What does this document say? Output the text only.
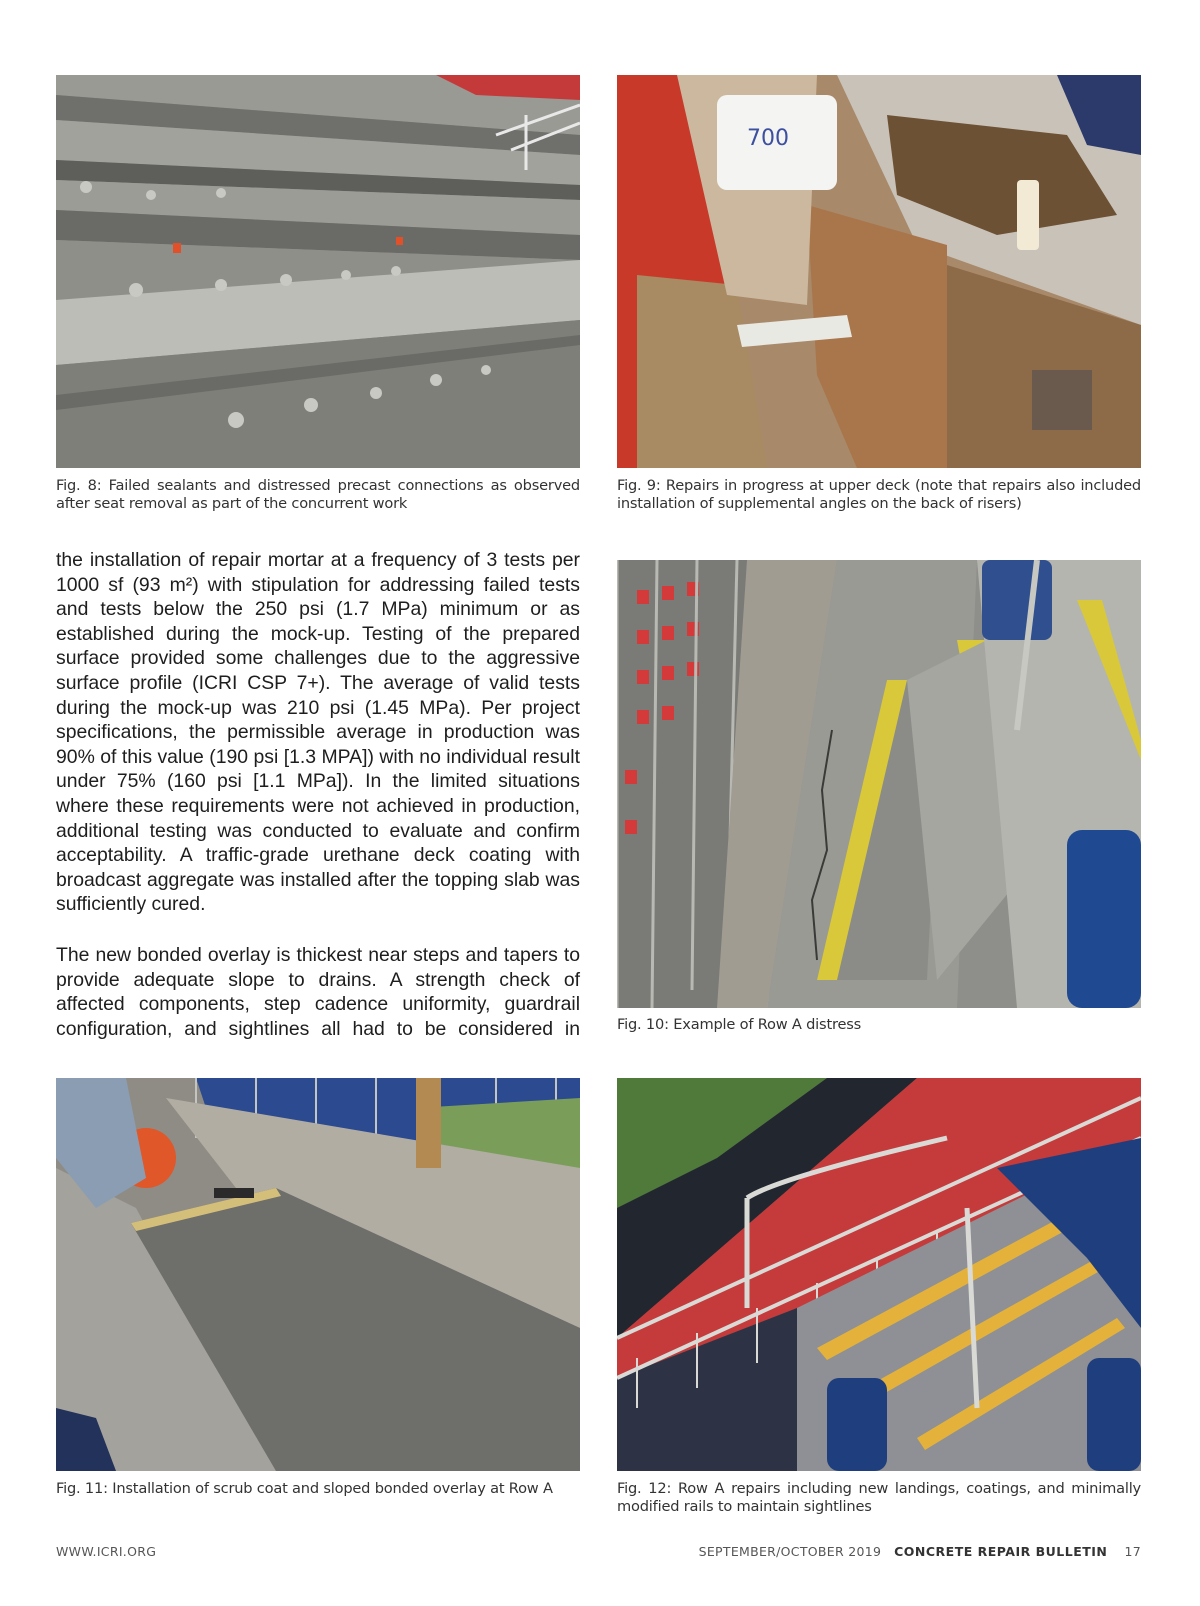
Fig. 8: Failed sealants and distressed precast connections as observed after seat removal as part of the concurrent work
700
Fig. 9: Repairs in progress at upper deck (note that repairs also included installation of supplemental angles on the back of risers)

the installation of repair mortar at a frequency of 3 tests per 1000 sf (93 m²) with stipulation for addressing failed tests and tests below the 250 psi (1.7 MPa) minimum or as established during the mock-up. Testing of the prepared surface provided some challenges due to the aggressive surface profile (ICRI CSP 7+). The average of valid tests during the mock-up was 210 psi (1.45 MPa). Per project specifications, the permissible average in production was 90% of this value (190 psi [1.3 MPA]) with no individual result under 75% (160 psi [1.1 MPa]). In the limited situations where these requirements were not achieved in production, additional testing was conducted to evaluate and confirm acceptability. A traffic-grade urethane deck coating with broadcast aggregate was installed after the topping slab was sufficiently cured.

The new bonded overlay is thickest near steps and tapers to provide adequate slope to drains. A strength check of affected components, step cadence uniformity, guardrail configuration, and sightlines all had to be considered in	Fig. 10: Example of Row A distress
Fig. 11: Installation of scrub coat and sloped bonded overlay at Row A	Fig. 12: Row A repairs including new landings, coatings, and minimally modified rails to maintain sightlines
WWW.ICRI.ORG	SEPTEMBER/OCTOBER 2019 CONCRETE REPAIR BULLETIN 17
